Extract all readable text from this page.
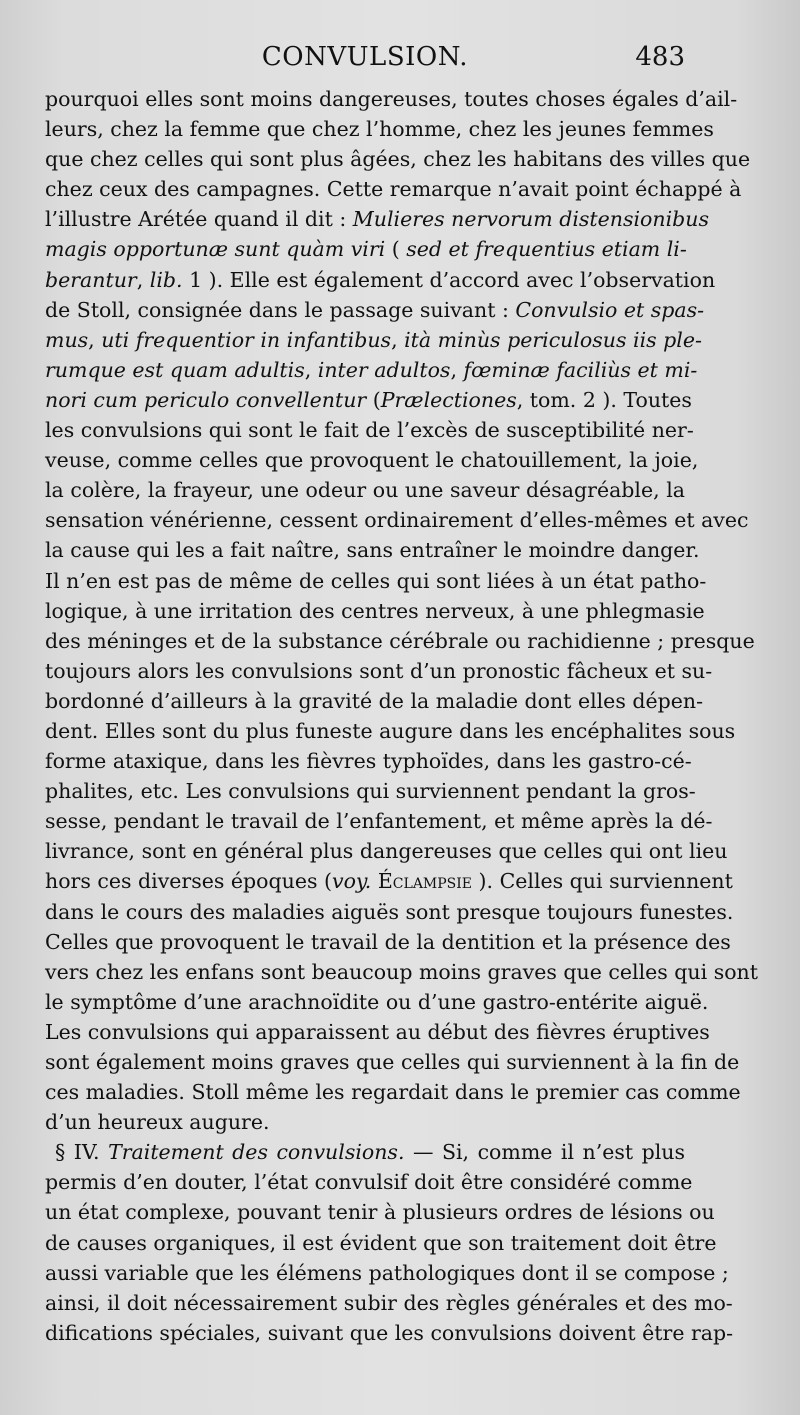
CONVULSION.	483
pourquoi elles sont moins dangereuses, toutes choses égales d’ail-
leurs, chez la femme que chez l’homme, chez les jeunes femmes
que chez celles qui sont plus âgées, chez les habitans des villes que
chez ceux des campagnes. Cette remarque n’avait point échappé à
l’illustre Arétée quand il dit : Mulieres nervorum distensionibus
magis opportunæ sunt quàm viri ( sed et frequentius etiam li-
berantur, lib. 1 ). Elle est également d’accord avec l’observation
de Stoll, consignée dans le passage suivant : Convulsio et spas-
mus, uti frequentior in infantibus, ità minùs periculosus iis ple-
rumque est quam adultis, inter adultos, fœminæ faciliùs et mi-
nori cum periculo convellentur (Prælectiones, tom. 2 ). Toutes
les convulsions qui sont le fait de l’excès de susceptibilité ner-
veuse, comme celles que provoquent le chatouillement, la joie,
la colère, la frayeur, une odeur ou une saveur désagréable, la
sensation vénérienne, cessent ordinairement d’elles-mêmes et avec
la cause qui les a fait naître, sans entraîner le moindre danger.
Il n’en est pas de même de celles qui sont liées à un état patho-
logique, à une irritation des centres nerveux, à une phlegmasie
des méninges et de la substance cérébrale ou rachidienne ; presque
toujours alors les convulsions sont d’un pronostic fâcheux et su-
bordonné d’ailleurs à la gravité de la maladie dont elles dépen-
dent. Elles sont du plus funeste augure dans les encéphalites sous
forme ataxique, dans les fièvres typhoïdes, dans les gastro-cé-
phalites, etc. Les convulsions qui surviennent pendant la gros-
sesse, pendant le travail de l’enfantement, et même après la dé-
livrance, sont en général plus dangereuses que celles qui ont lieu
hors ces diverses époques (voy. Éclampsie ). Celles qui surviennent
dans le cours des maladies aiguës sont presque toujours funestes.
Celles que provoquent le travail de la dentition et la présence des
vers chez les enfans sont beaucoup moins graves que celles qui sont
le symptôme d’une arachnoïdite ou d’une gastro-entérite aiguë.
Les convulsions qui apparaissent au début des fièvres éruptives
sont également moins graves que celles qui surviennent à la fin de
ces maladies. Stoll même les regardait dans le premier cas comme
d’un heureux augure.
§ IV. Traitement des convulsions. — Si, comme il n’est plus
permis d’en douter, l’état convulsif doit être considéré comme
un état complexe, pouvant tenir à plusieurs ordres de lésions ou
de causes organiques, il est évident que son traitement doit être
aussi variable que les élémens pathologiques dont il se compose ;
ainsi, il doit nécessairement subir des règles générales et des mo-
difications spéciales, suivant que les convulsions doivent être rap-
